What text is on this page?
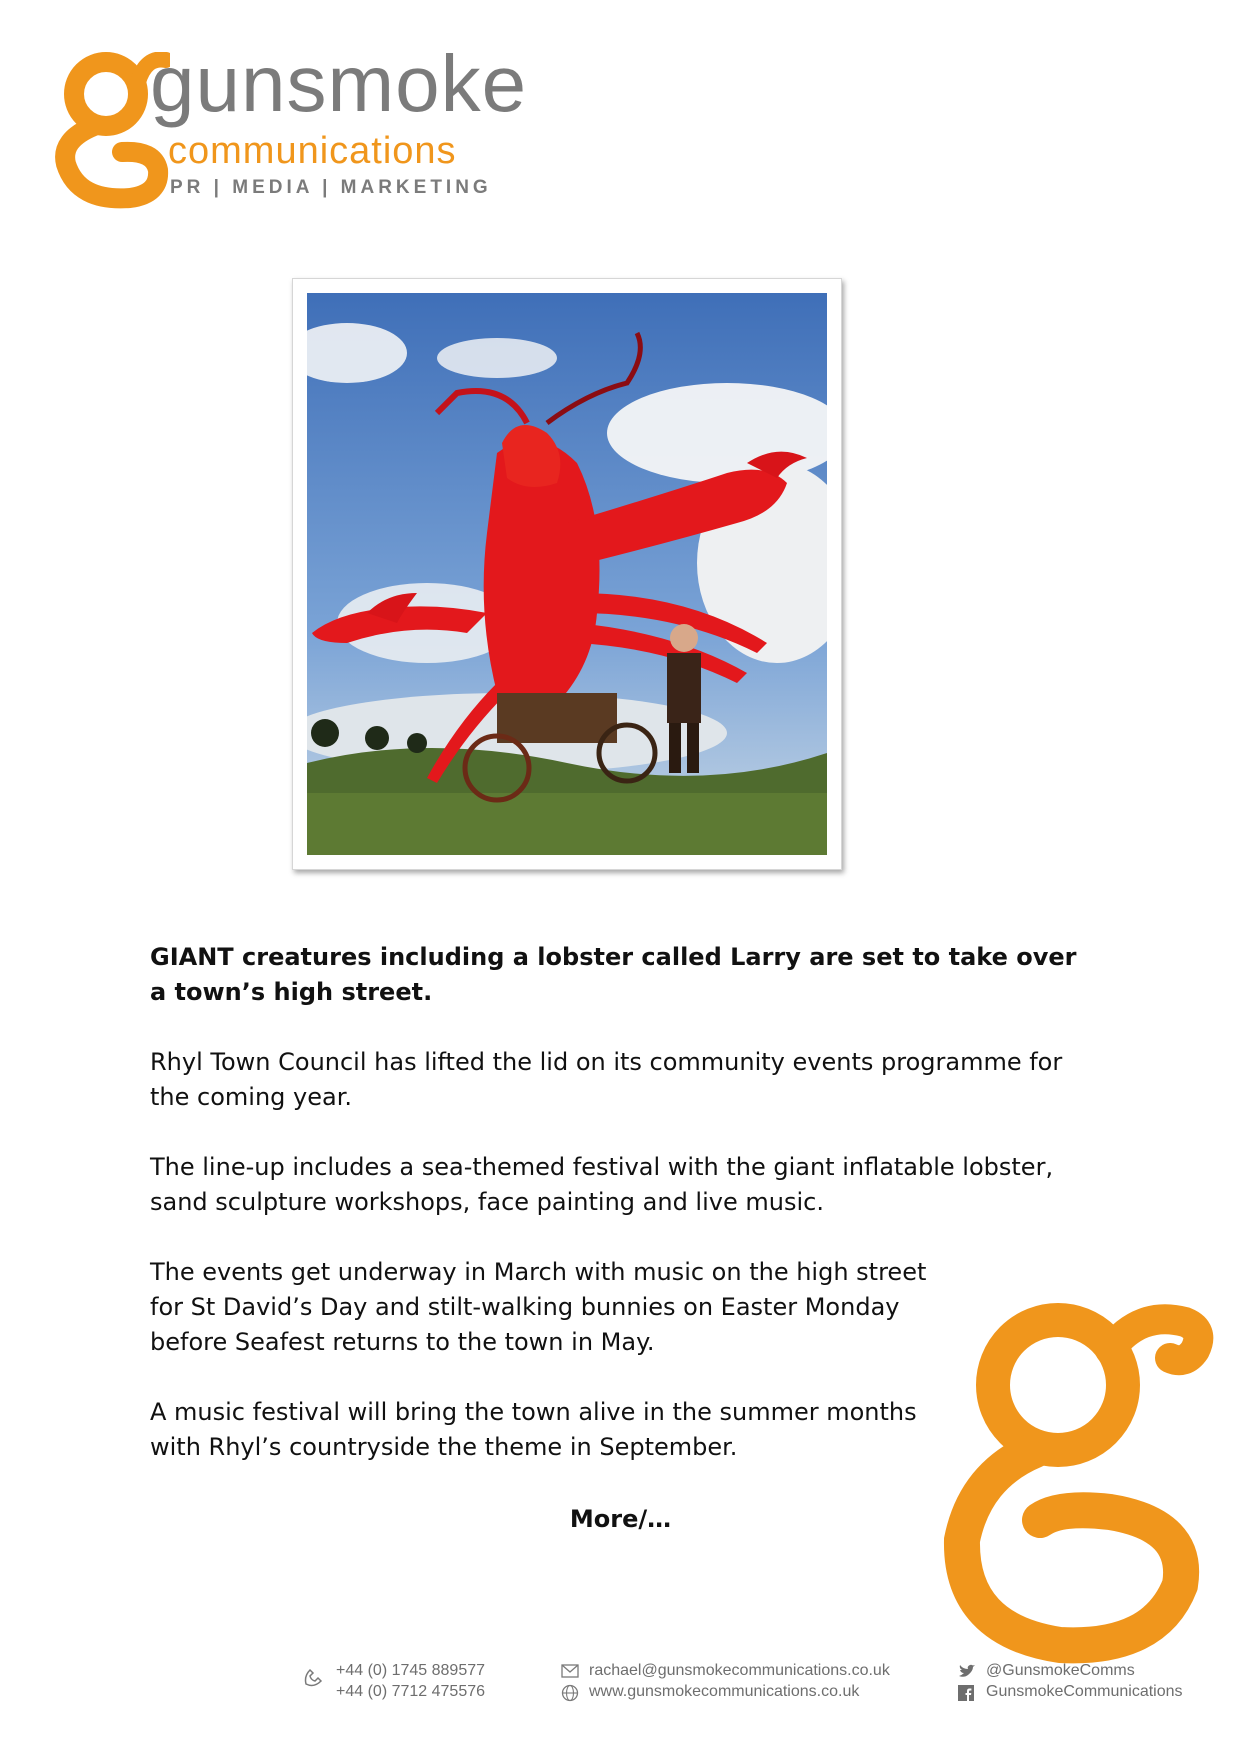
gunsmoke
communications
PR | MEDIA | MARKETING

GIANT creatures including a lobster called Larry are set to take over a town’s high street.

Rhyl Town Council has lifted the lid on its community events programme for the coming year.

The line-up includes a sea-themed festival with the giant inflatable lobster, sand sculpture workshops, face painting and live music.

The events get underway in March with music on the high street
for St David’s Day and stilt-walking bunnies on Easter Monday
before Seafest returns to the town in May.

A music festival will bring the town alive in the summer months with Rhyl’s countryside the theme in September.

More/…
+44 (0) 1745 889577
+44 (0) 7712 475576
rachael@gunsmokecommunications.co.uk
www.gunsmokecommunications.co.uk
@GunsmokeComms
GunsmokeCommunications
